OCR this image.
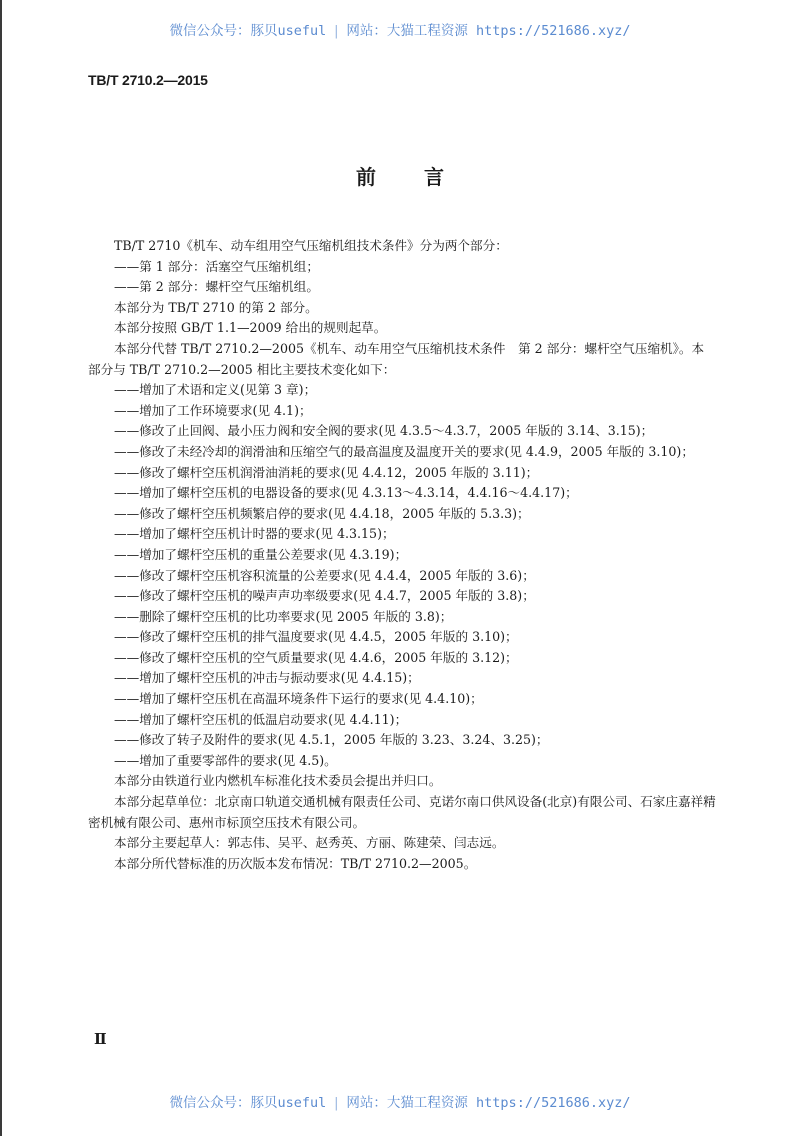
微信公众号：豚贝useful | 网站：大猫工程资源 https://521686.xyz/
TB/T 2710.2—2015
前 言

TB/T 2710《机车、动车组用空气压缩机组技术条件》分为两个部分：

——第 1 部分：活塞空气压缩机组；

——第 2 部分：螺杆空气压缩机组。

本部分为 TB/T 2710 的第 2 部分。

本部分按照 GB/T 1.1—2009 给出的规则起草。

本部分代替 TB/T 2710.2—2005《机车、动车用空气压缩机技术条件　第 2 部分：螺杆空气压缩机》。本部分与 TB/T 2710.2—2005 相比主要技术变化如下：

——增加了术语和定义(见第 3 章)；

——增加了工作环境要求(见 4.1)；

——修改了止回阀、最小压力阀和安全阀的要求(见 4.3.5～4.3.7，2005 年版的 3.14、3.15)；

——修改了未经冷却的润滑油和压缩空气的最高温度及温度开关的要求(见 4.4.9，2005 年版的 3.10)；

——修改了螺杆空压机润滑油消耗的要求(见 4.4.12，2005 年版的 3.11)；

——增加了螺杆空压机的电器设备的要求(见 4.3.13～4.3.14，4.4.16～4.4.17)；

——修改了螺杆空压机频繁启停的要求(见 4.4.18，2005 年版的 5.3.3)；

——增加了螺杆空压机计时器的要求(见 4.3.15)；

——增加了螺杆空压机的重量公差要求(见 4.3.19)；

——修改了螺杆空压机容积流量的公差要求(见 4.4.4，2005 年版的 3.6)；

——修改了螺杆空压机的噪声声功率级要求(见 4.4.7，2005 年版的 3.8)；

——删除了螺杆空压机的比功率要求(见 2005 年版的 3.8)；

——修改了螺杆空压机的排气温度要求(见 4.4.5，2005 年版的 3.10)；

——修改了螺杆空压机的空气质量要求(见 4.4.6，2005 年版的 3.12)；

——增加了螺杆空压机的冲击与振动要求(见 4.4.15)；

——增加了螺杆空压机在高温环境条件下运行的要求(见 4.4.10)；

——增加了螺杆空压机的低温启动要求(见 4.4.11)；

——修改了转子及附件的要求(见 4.5.1，2005 年版的 3.23、3.24、3.25)；

——增加了重要零部件的要求(见 4.5)。

本部分由铁道行业内燃机车标准化技术委员会提出并归口。

本部分起草单位：北京南口轨道交通机械有限责任公司、克诺尔南口供风设备(北京)有限公司、石家庄嘉祥精密机械有限公司、惠州市标顶空压技术有限公司。

本部分主要起草人：郭志伟、吴平、赵秀英、方丽、陈建荣、闫志远。

本部分所代替标准的历次版本发布情况：TB/T 2710.2—2005。

Ⅱ
微信公众号：豚贝useful | 网站：大猫工程资源 https://521686.xyz/
